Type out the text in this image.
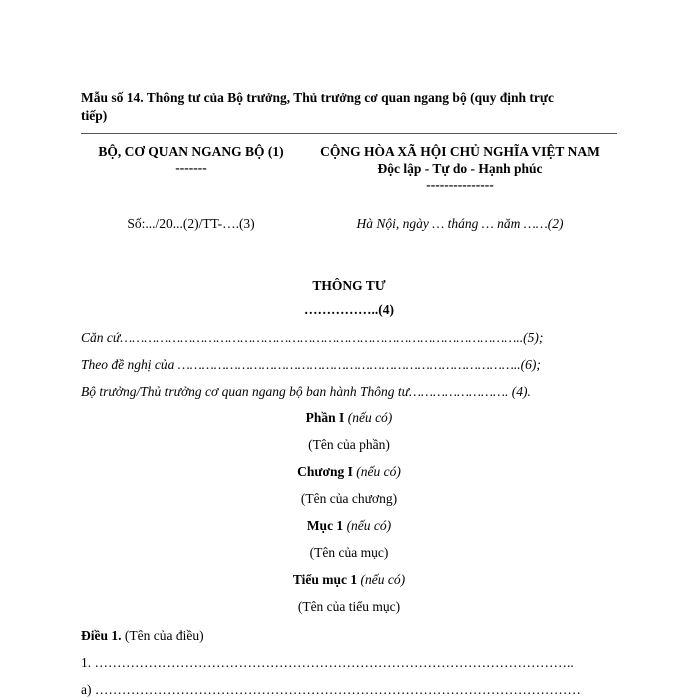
Mẫu số 14. Thông tư của Bộ trưởng, Thủ trưởng cơ quan ngang bộ (quy định trực
tiếp)
BỘ, CƠ QUAN NGANG BỘ (1)
-------
Số:.../20...(2)/TT-….(3)
CỘNG HÒA XÃ HỘI CHỦ NGHĨA VIỆT NAM
Độc lập - Tự do - Hạnh phúc
---------------
Hà Nội, ngày … tháng … năm ……(2)
THÔNG TƯ
……………..(4)
Căn cứ………………………………………………………………………………………..(5);
Theo đề nghị của …………………………………………………………………………..(6);
Bộ trưởng/Thủ trưởng cơ quan ngang bộ ban hành Thông tư……………………. (4).
Phần I (nếu có)
(Tên của phần)
Chương I (nếu có)
(Tên của chương)
Mục 1 (nếu có)
(Tên của mục)
Tiểu mục 1 (nếu có)
(Tên của tiểu mục)
Điều 1. (Tên của điều)
1. ……………………………………………………………………………………………..
a) ………………………………………………………………………………………………
